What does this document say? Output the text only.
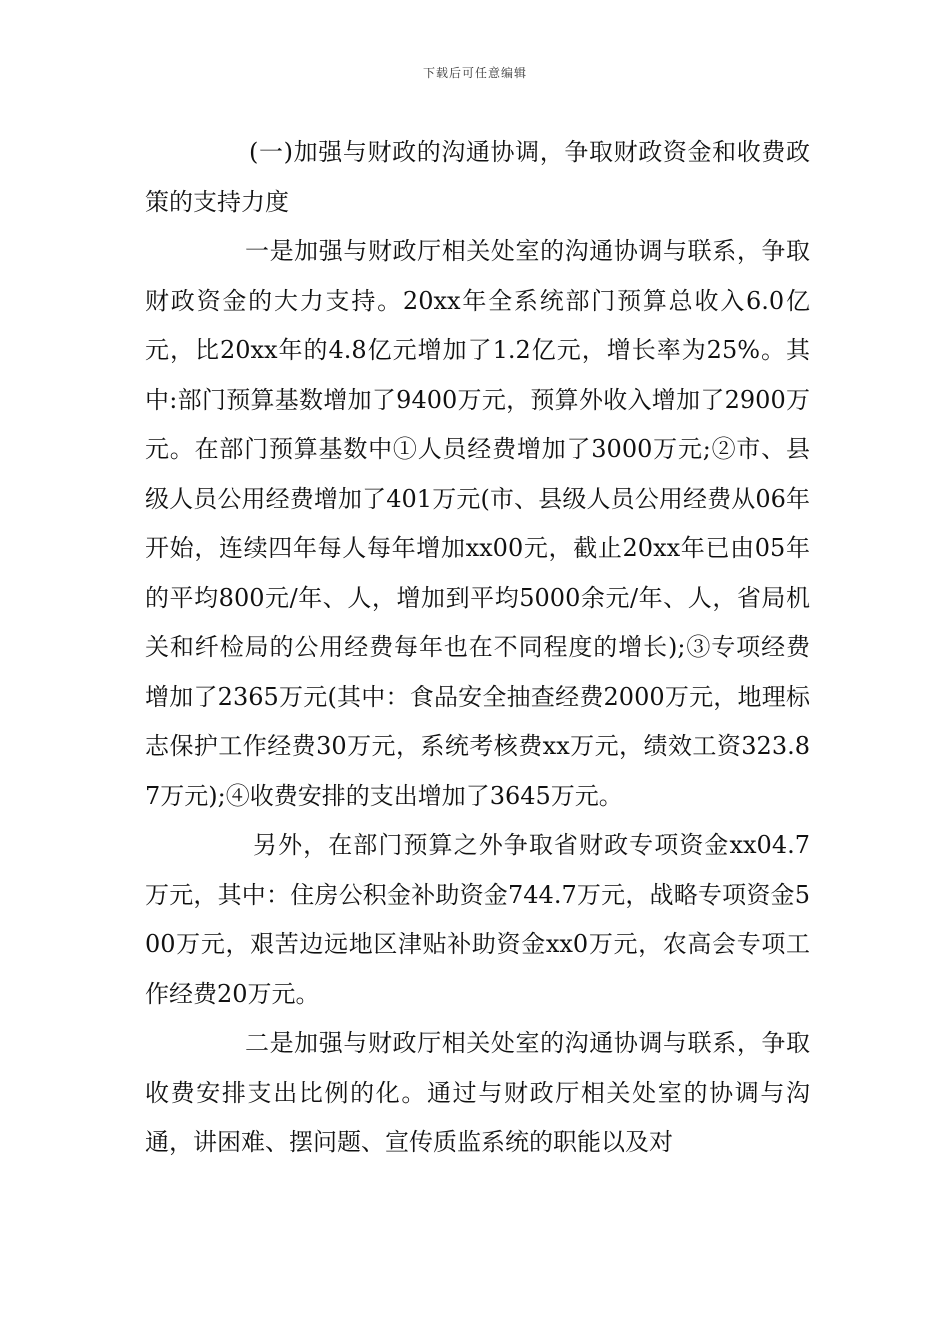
下载后可任意编辑

(一)加强与财政的沟通协调，争取财政资金和收费政策的支持力度

一是加强与财政厅相关处室的沟通协调与联系，争取财政资金的大力支持。20xx年全系统部门预算总收入6.0亿元，比20xx年的4.8亿元增加了1.2亿元，增长率为25%。其中:部门预算基数增加了9400万元，预算外收入增加了2900万元。在部门预算基数中①人员经费增加了3000万元;②市、县级人员公用经费增加了401万元(市、县级人员公用经费从06年开始，连续四年每人每年增加xx00元，截止20xx年已由05年的平均800元/年、人，增加到平均5000余元/年、人，省局机关和纤检局的公用经费每年也在不同程度的增长);③专项经费增加了2365万元(其中：食品安全抽查经费2000万元，地理标志保护工作经费30万元，系统考核费xx万元，绩效工资323.87万元);④收费安排的支出增加了3645万元。

另外，在部门预算之外争取省财政专项资金xx04.7万元，其中：住房公积金补助资金744.7万元，战略专项资金500万元，艰苦边远地区津贴补助资金xx0万元，农高会专项工作经费20万元。

二是加强与财政厅相关处室的沟通协调与联系，争取收费安排支出比例的化。通过与财政厅相关处室的协调与沟通，讲困难、摆问题、宣传质监系统的职能以及对
